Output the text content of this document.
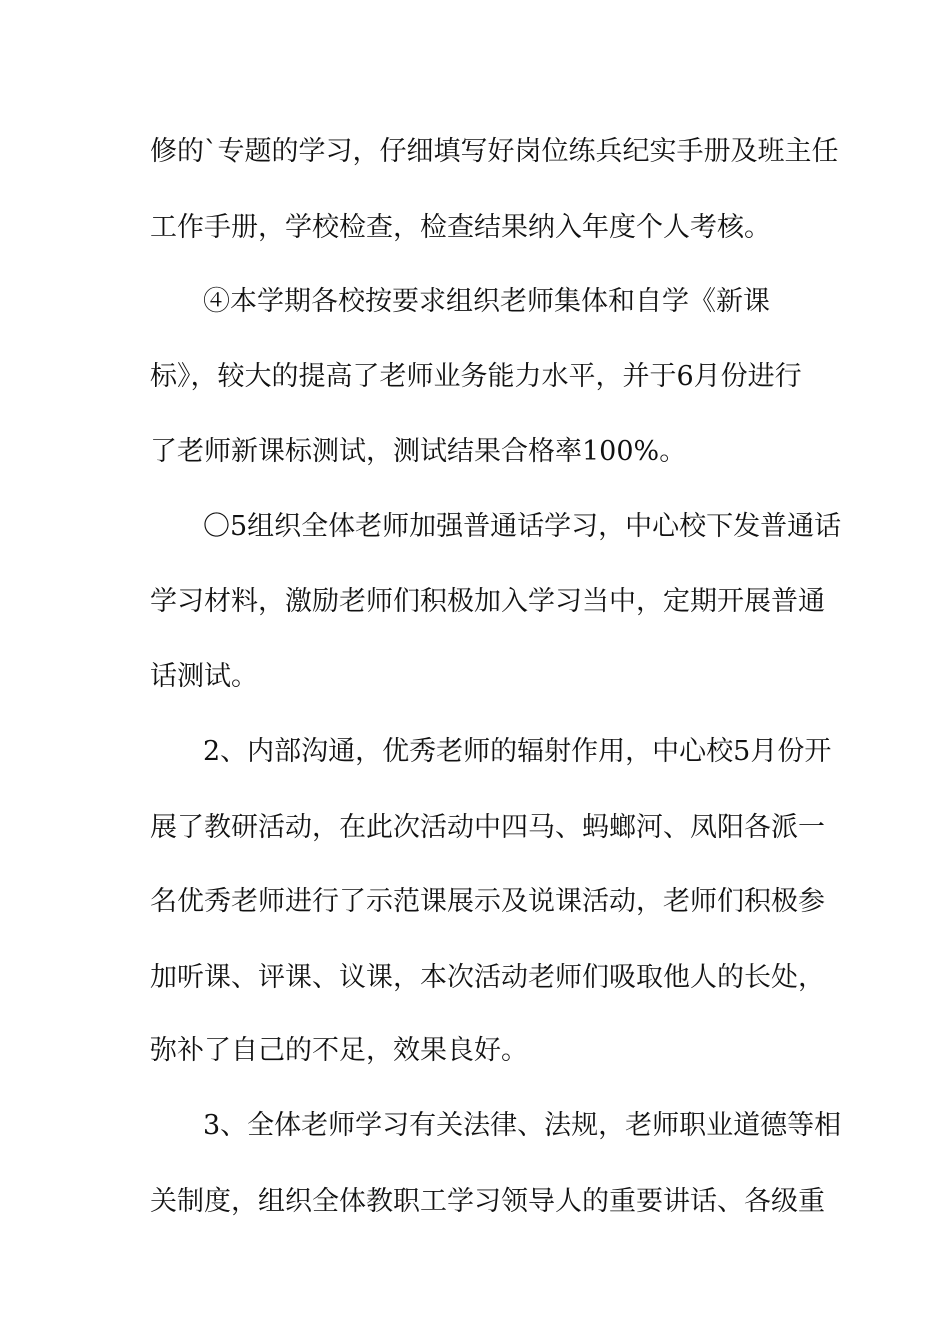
修的`专题的学习，仔细填写好岗位练兵纪实手册及班主任
工作手册，学校检查，检查结果纳入年度个人考核。
④本学期各校按要求组织老师集体和自学《新课
标》，较大的提高了老师业务能力水平，并于6月份进行
了老师新课标测试，测试结果合格率100%。
〇5组织全体老师加强普通话学习，中心校下发普通话
学习材料，激励老师们积极加入学习当中，定期开展普通
话测试。
2、内部沟通，优秀老师的辐射作用，中心校5月份开
展了教研活动，在此次活动中四马、蚂螂河、凤阳各派一
名优秀老师进行了示范课展示及说课活动，老师们积极参
加听课、评课、议课，本次活动老师们吸取他人的长处，
弥补了自己的不足，效果良好。
3、全体老师学习有关法律、法规，老师职业道德等相
关制度，组织全体教职工学习领导人的重要讲话、各级重
